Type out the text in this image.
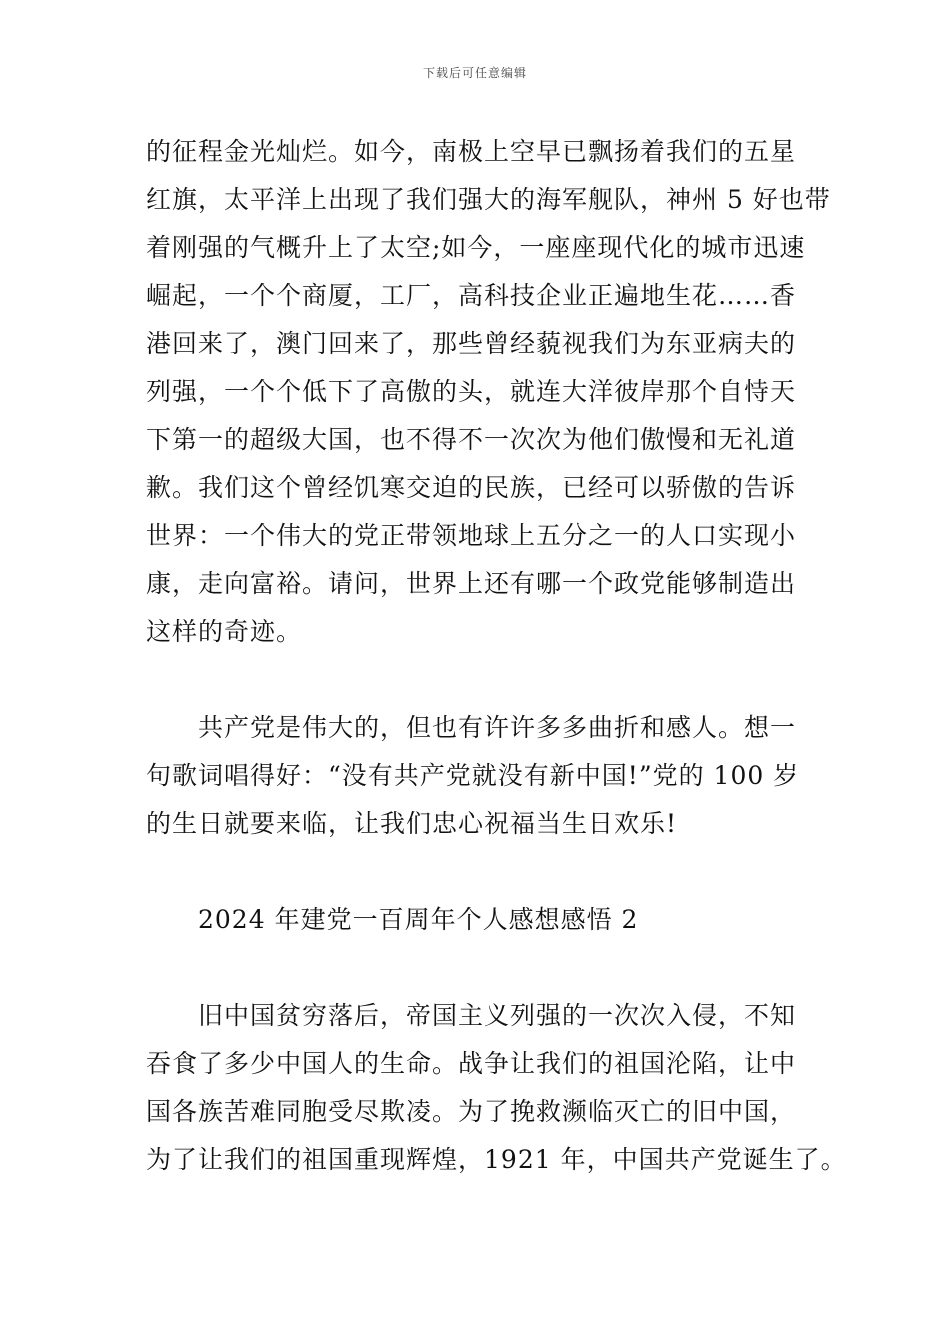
下载后可任意编辑
的征程金光灿烂。如今，南极上空早已飘扬着我们的五星
红旗，太平洋上出现了我们强大的海军舰队，神州 5 好也带
着刚强的气概升上了太空;如今，一座座现代化的城市迅速
崛起，一个个商厦，工厂，高科技企业正遍地生花……香
港回来了，澳门回来了，那些曾经藐视我们为东亚病夫的
列强，一个个低下了高傲的头，就连大洋彼岸那个自恃天
下第一的超级大国，也不得不一次次为他们傲慢和无礼道
歉。我们这个曾经饥寒交迫的民族，已经可以骄傲的告诉
世界：一个伟大的党正带领地球上五分之一的人口实现小
康，走向富裕。请问，世界上还有哪一个政党能够制造出
这样的奇迹。
共产党是伟大的，但也有许许多多曲折和感人。想一
句歌词唱得好：“没有共产党就没有新中国!”党的 100 岁
的生日就要来临，让我们忠心祝福当生日欢乐!
2024 年建党一百周年个人感想感悟 2
旧中国贫穷落后，帝国主义列强的一次次入侵，不知
吞食了多少中国人的生命。战争让我们的祖国沦陷，让中
国各族苦难同胞受尽欺凌。为了挽救濒临灭亡的旧中国，
为了让我们的祖国重现辉煌，1921 年，中国共产党诞生了。
